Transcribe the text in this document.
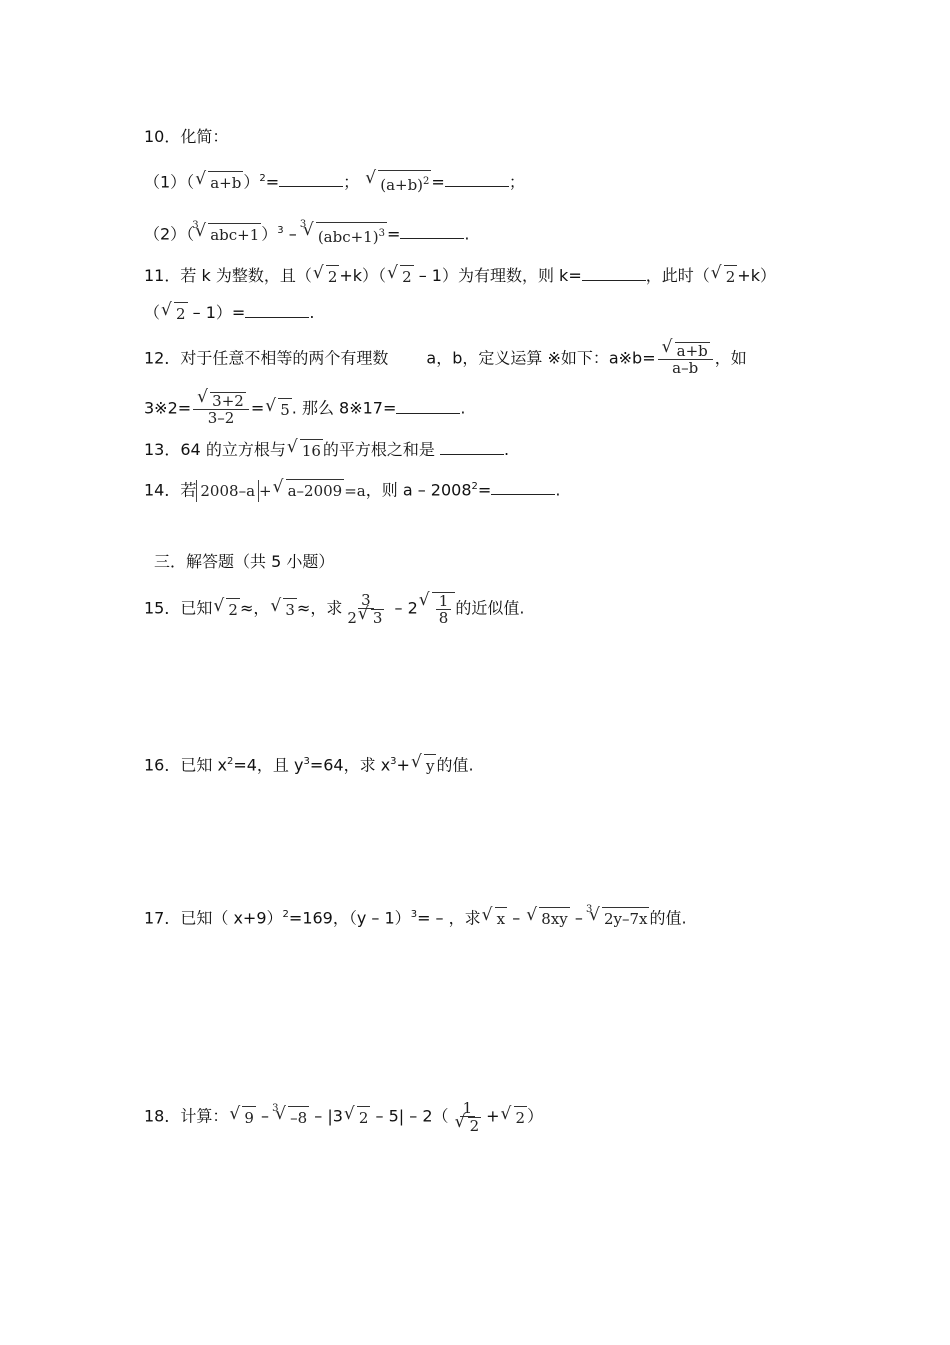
10．化简：
（1）（√ a+b ）$^2$=	； √ $(a+b)^2$ =	；
（2）（√ abc+1 3 ）$^3$ – √ $(abc+1)^3$ 3 =	.
11．若 k 为整数，且（√ 2 +k）（√ 2 – 1）为有理数，则 k=	，此时（√ 2 +k）
（√ 2 – 1）=	.
12．对于任意不相等的两个有理数 a，b，定义运算 ※如下：a※b=
√ $\frac{a+b}{a-b}$ ，如
3※2=
√ $\frac{3+2}{3-2}$ =√ 5 . 那么 8※17=	.
13．64 的立方根与√ 16 的平方根之和是	.
14．若 2008–a +√ a–2009 =a，则 $a - 2008^2=$	.
三．解答题（共 5 小题）
15．已知√ 2 ≈，√ 3 ≈，求 $\frac{3}{2√ 3} - 2$
√ $\frac{1}{8}$ 的近似值.
16．已知 $x^2=4$，且 $y^3=64$，求 $x^3+√$ y 的值.
17．已知（ x+9）$^2$=169，（y – 1）$^3$= – ，求√ x – √ 8xy – √ 2y–7x 3 的值.
18．计算：√ 9 – √ –8 3 – |3√ 2 – 5| – 2（ 1
√ 2 +√ 2 ）
